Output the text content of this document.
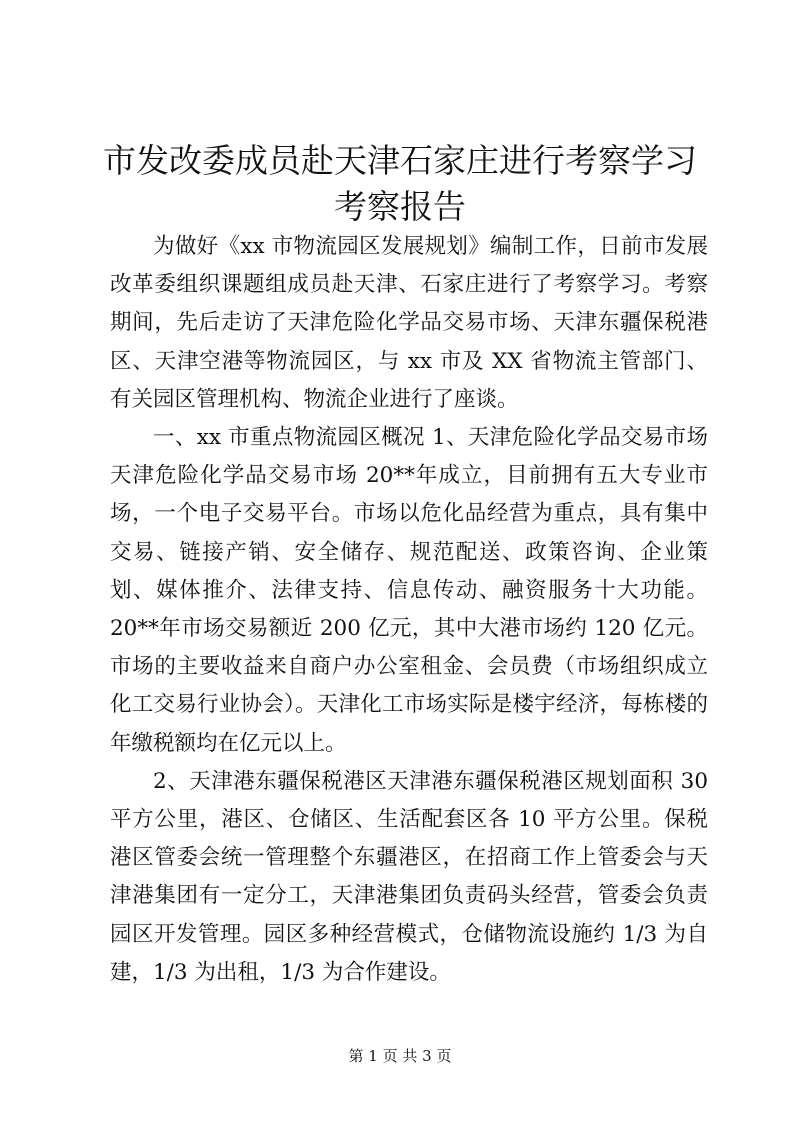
市发改委成员赴天津石家庄进行考察学习考察报告

为做好《xx 市物流园区发展规划》编制工作，日前市发展改革委组织课题组成员赴天津、石家庄进行了考察学习。考察期间，先后走访了天津危险化学品交易市场、天津东疆保税港区、天津空港等物流园区，与 xx 市及 XX 省物流主管部门、有关园区管理机构、物流企业进行了座谈。

一、xx 市重点物流园区概况 1、天津危险化学品交易市场天津危险化学品交易市场 20**年成立，目前拥有五大专业市场，一个电子交易平台。市场以危化品经营为重点，具有集中交易、链接产销、安全储存、规范配送、政策咨询、企业策划、媒体推介、法律支持、信息传动、融资服务十大功能。20**年市场交易额近 200 亿元，其中大港市场约 120 亿元。市场的主要收益来自商户办公室租金、会员费（市场组织成立化工交易行业协会）。天津化工市场实际是楼宇经济，每栋楼的年缴税额均在亿元以上。

2、天津港东疆保税港区天津港东疆保税港区规划面积 30 平方公里，港区、仓储区、生活配套区各 10 平方公里。保税港区管委会统一管理整个东疆港区，在招商工作上管委会与天津港集团有一定分工，天津港集团负责码头经营，管委会负责园区开发管理。园区多种经营模式，仓储物流设施约 1/3 为自建，1/3 为出租，1/3 为合作建设。

第 1 页 共 3 页
